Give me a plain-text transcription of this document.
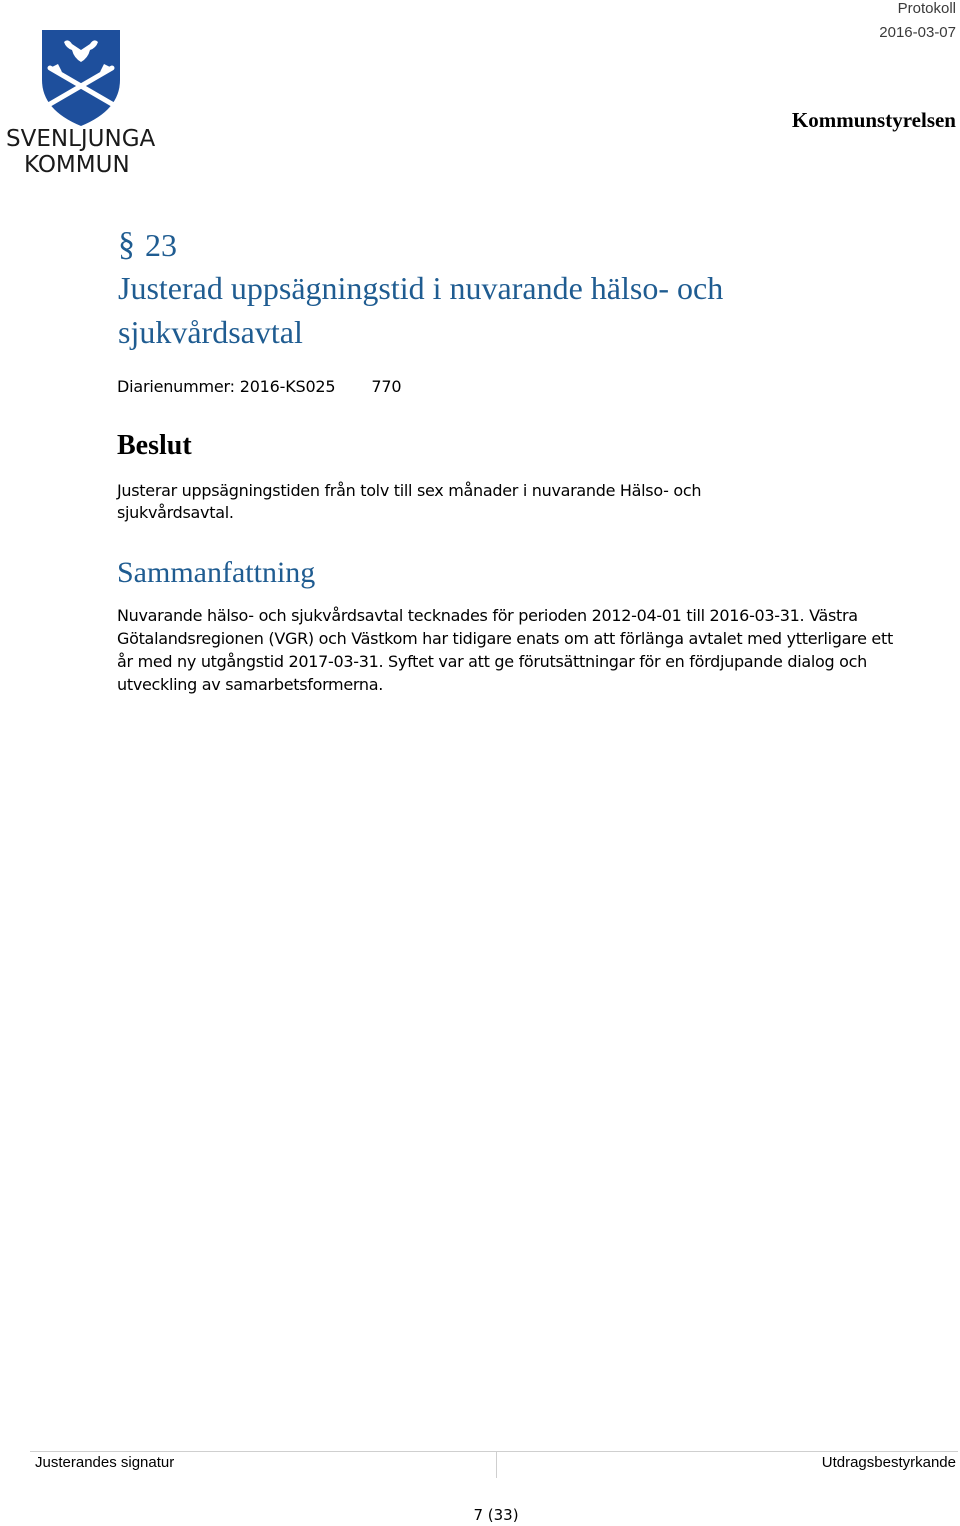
SVENLJUNGA
KOMMUN
Protokoll
2016-03-07
Kommunstyrelsen
§ 23
Justerad uppsägningstid i nuvarande hälso- och
sjukvårdsavtal
Diarienummer: 2016-KS025 770
Beslut
Justerar uppsägningstiden från tolv till sex månader i nuvarande Hälso- och sjukvårdsavtal.
Sammanfattning
Nuvarande hälso- och sjukvårdsavtal tecknades för perioden 2012-04-01 till 2016-03-31. Västra Götalandsregionen (VGR) och Västkom har tidigare enats om att förlänga avtalet med ytterligare ett år med ny utgångstid 2017-03-31. Syftet var att ge förutsättningar för en fördjupande dialog och utveckling av samarbetsformerna.
Justerandes signatur	Utdragsbestyrkande
7 (33)
